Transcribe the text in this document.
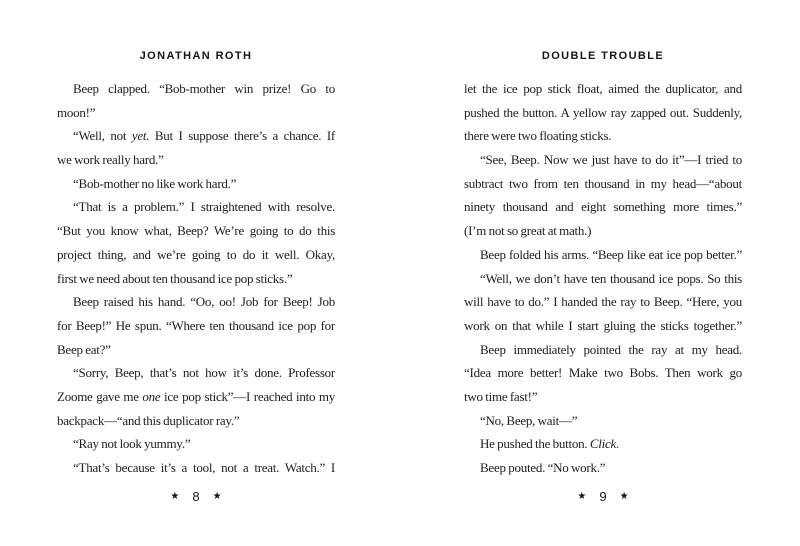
JONATHAN ROTH
Beep clapped. “Bob-mother win prize! Go to
moon!”
“Well, not yet. But I suppose there’s a chance. If
we work really hard.”
“Bob-mother no like work hard.”
“That is a problem.” I straightened with resolve.
“But you know what, Beep? We’re going to do this
project thing, and we’re going to do it well. Okay,
first we need about ten thousand ice pop sticks.”
Beep raised his hand. “Oo, oo! Job for Beep! Job
for Beep!” He spun. “Where ten thousand ice pop for
Beep eat?”
“Sorry, Beep, that’s not how it’s done. Professor
Zoome gave me one ice pop stick”—I reached into my
backpack—“and this duplicator ray.”
“Ray not look yummy.”
“That’s because it’s a tool, not a treat. Watch.” I
★ 8 ★
DOUBLE TROUBLE
let the ice pop stick float, aimed the duplicator, and
pushed the button. A yellow ray zapped out. Suddenly,
there were two floating sticks.
“See, Beep. Now we just have to do it”—I tried to
subtract two from ten thousand in my head—“about
ninety thousand and eight something more times.”
(I’m not so great at math.)
Beep folded his arms. “Beep like eat ice pop better.”
“Well, we don’t have ten thousand ice pops. So this
will have to do.” I handed the ray to Beep. “Here, you
work on that while I start gluing the sticks together.”
Beep immediately pointed the ray at my head.
“Idea more better! Make two Bobs. Then work go
two time fast!”
“No, Beep, wait—”
He pushed the button. Click.
Beep pouted. “No work.”
★ 9 ★
